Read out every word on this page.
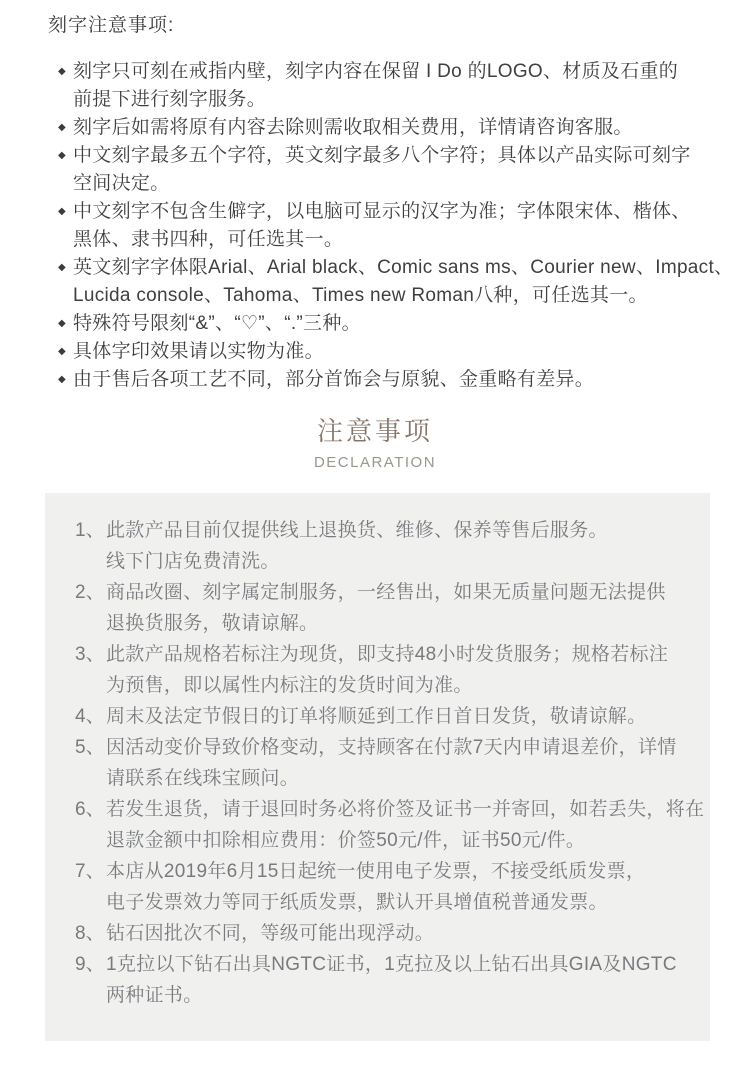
刻字注意事项:
◆ 刻字只可刻在戒指内壁，刻字内容在保留 I Do 的LOGO、材质及石重的
前提下进行刻字服务。
◆ 刻字后如需将原有内容去除则需收取相关费用，详情请咨询客服。
◆ 中文刻字最多五个字符，英文刻字最多八个字符；具体以产品实际可刻字
空间决定。
◆ 中文刻字不包含生僻字，以电脑可显示的汉字为准；字体限宋体、楷体、
黑体、隶书四种，可任选其一。
◆ 英文刻字字体限Arial、Arial black、Comic sans ms、Courier new、Impact、
Lucida console、Tahoma、Times new Roman八种，可任选其一。
◆ 特殊符号限刻“&”、“♡”、“.”三种。
◆ 具体字印效果请以实物为准。
◆ 由于售后各项工艺不同，部分首饰会与原貌、金重略有差异。
注意事项
DECLARATION
1、 此款产品目前仅提供线上退换货、维修、保养等售后服务。
线下门店免费清洗。
2、 商品改圈、刻字属定制服务，一经售出，如果无质量问题无法提供
退换货服务，敬请谅解。
3、 此款产品规格若标注为现货，即支持48小时发货服务；规格若标注
为预售，即以属性内标注的发货时间为准。
4、 周末及法定节假日的订单将顺延到工作日首日发货，敬请谅解。
5、 因活动变价导致价格变动，支持顾客在付款7天内申请退差价，详情
请联系在线珠宝顾问。
6、 若发生退货，请于退回时务必将价签及证书一并寄回，如若丢失，将在
退款金额中扣除相应费用：价签50元/件，证书50元/件。
7、 本店从2019年6月15日起统一使用电子发票，不接受纸质发票，
电子发票效力等同于纸质发票，默认开具增值税普通发票。
8、 钻石因批次不同，等级可能出现浮动。
9、 1克拉以下钻石出具NGTC证书，1克拉及以上钻石出具GIA及NGTC
两种证书。
